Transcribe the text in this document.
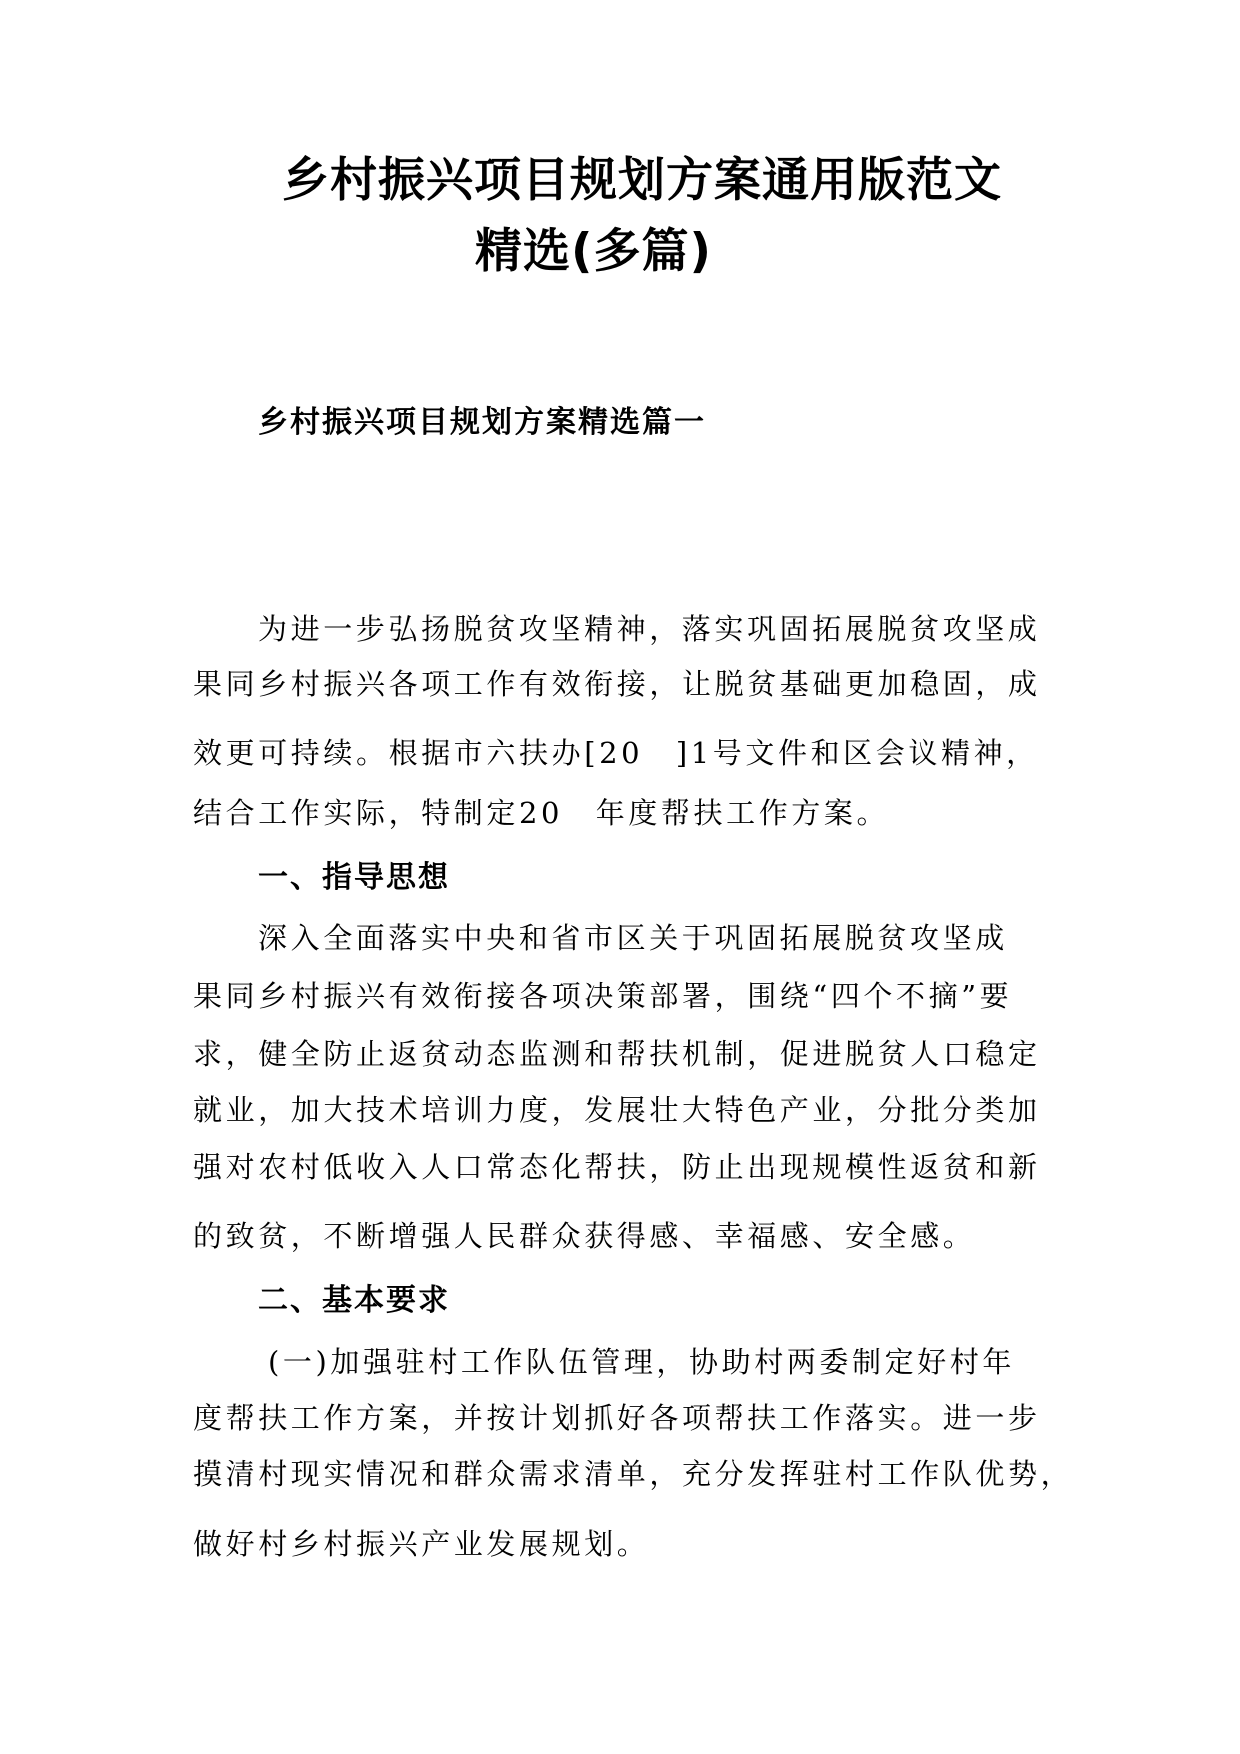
乡村振兴项目规划方案通用版范文
精选(多篇)
乡村振兴项目规划方案精选篇一
为进一步弘扬脱贫攻坚精神，落实巩固拓展脱贫攻坚成
果同乡村振兴各项工作有效衔接，让脱贫基础更加稳固，成
效更可持续。根据市六扶办[20　]1号文件和区会议精神，
结合工作实际，特制定20　年度帮扶工作方案。
一、指导思想
深入全面落实中央和省市区关于巩固拓展脱贫攻坚成
果同乡村振兴有效衔接各项决策部署，围绕“四个不摘”要
求，健全防止返贫动态监测和帮扶机制，促进脱贫人口稳定
就业，加大技术培训力度，发展壮大特色产业，分批分类加
强对农村低收入人口常态化帮扶，防止出现规模性返贫和新
的致贫，不断增强人民群众获得感、幸福感、安全感。
二、基本要求
(一)加强驻村工作队伍管理，协助村两委制定好村年
度帮扶工作方案，并按计划抓好各项帮扶工作落实。进一步
摸清村现实情况和群众需求清单，充分发挥驻村工作队优势，
做好村乡村振兴产业发展规划。
